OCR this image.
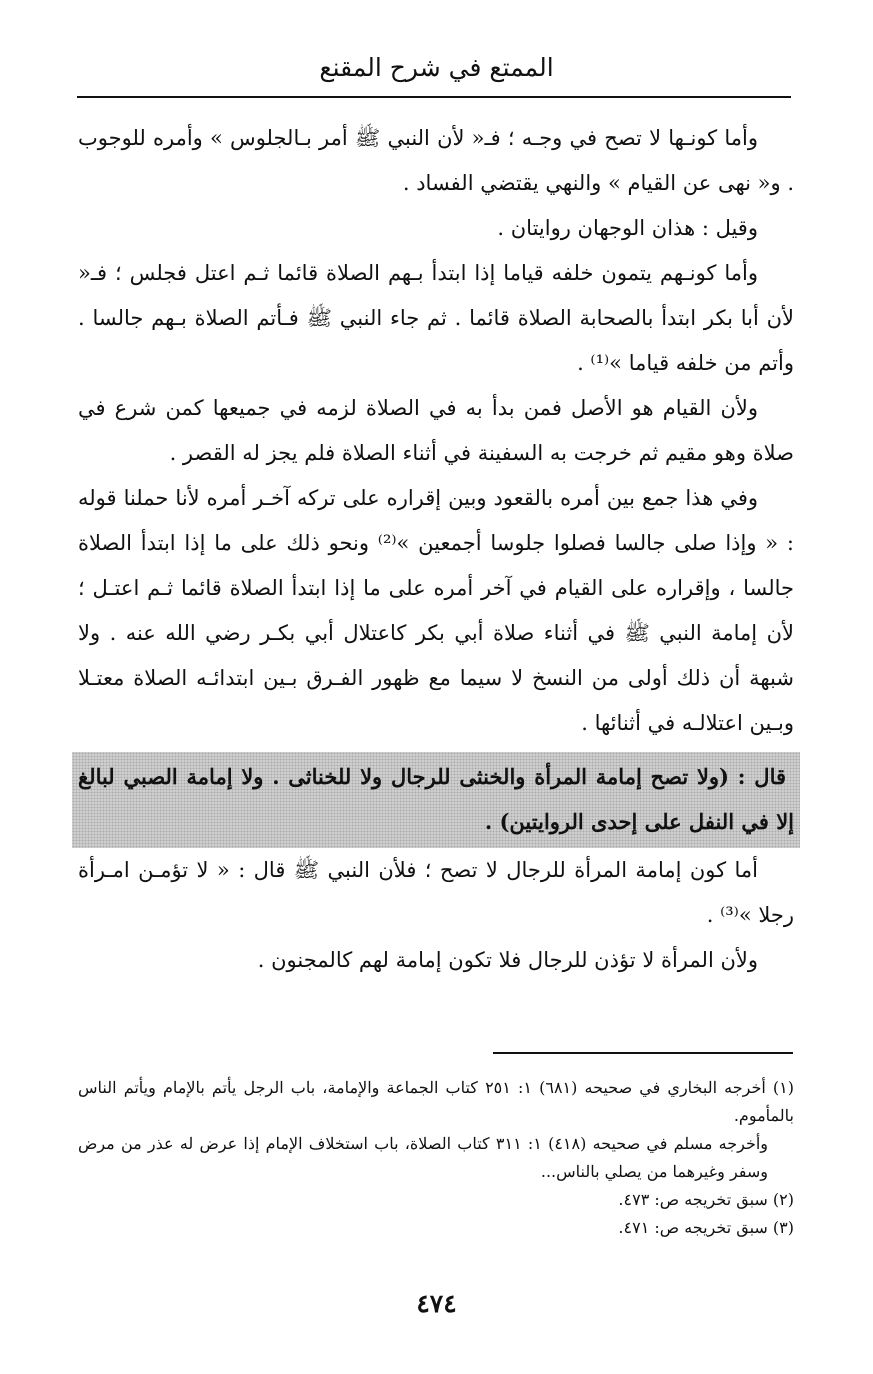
الممتع في شرح المقنع

وأما كونـها لا تصح في وجـه ؛ فـ« لأن النبي ﷺ أمر بـالجلوس » وأمره للوجوب . و« نهى عن القيام » والنهي يقتضي الفساد .

وقيل : هذان الوجهان روايتان .

وأما كونـهم يتمون خلفه قياما إذا ابتدأ بـهم الصلاة قائما ثـم اعتل فجلس ؛ فـ« لأن أبا بكر ابتدأ بالصحابة الصلاة قائما . ثم جاء النبي ﷺ فـأتم الصلاة بـهم جالسا . وأتم من خلفه قياما »⁽¹⁾ .

ولأن القيام هو الأصل فمن بدأ به في الصلاة لزمه في جميعها كمن شرع في صلاة وهو مقيم ثم خرجت به السفينة في أثناء الصلاة فلم يجز له القصر .

وفي هذا جمع بين أمره بالقعود وبين إقراره على تركه آخـر أمره لأنا حملنا قوله : « وإذا صلى جالسا فصلوا جلوسا أجمعين »⁽²⁾ ونحو ذلك على ما إذا ابتدأ الصلاة جالسا ، وإقراره على القيام في آخر أمره على ما إذا ابتدأ الصلاة قائما ثـم اعتـل ؛ لأن إمامة النبي ﷺ في أثناء صلاة أبي بكر كاعتلال أبي بكـر رضي الله عنه . ولا شبهة أن ذلك أولى من النسخ لا سيما مع ظهور الفـرق بـين ابتدائـه الصلاة معتـلا وبـين اعتلالـه في أثنائها .

قال : (ولا تصح إمامة المرأة والخنثى للرجال ولا للخناثى . ولا إمامة الصبي لبالغ إلا في النفل على إحدى الروايتين) .

أما كون إمامة المرأة للرجال لا تصح ؛ فلأن النبي ﷺ قال : « لا تؤمـن امـرأة رجلا »⁽³⁾ .

ولأن المرأة لا تؤذن للرجال فلا تكون إمامة لهم كالمجنون .

(١) أخرجه البخاري في صحيحه (٦٨١) ١: ٢٥١ كتاب الجماعة والإمامة، باب الرجل يأتم بالإمام ويأتم الناس بالمأموم.

وأخرجه مسلم في صحيحه (٤١٨) ١: ٣١١ كتاب الصلاة، باب استخلاف الإمام إذا عرض له عذر من مرض وسفر وغيرهما من يصلي بالناس...

(٢) سبق تخريجه ص: ٤٧٣.

(٣) سبق تخريجه ص: ٤٧١.

٤٧٤
